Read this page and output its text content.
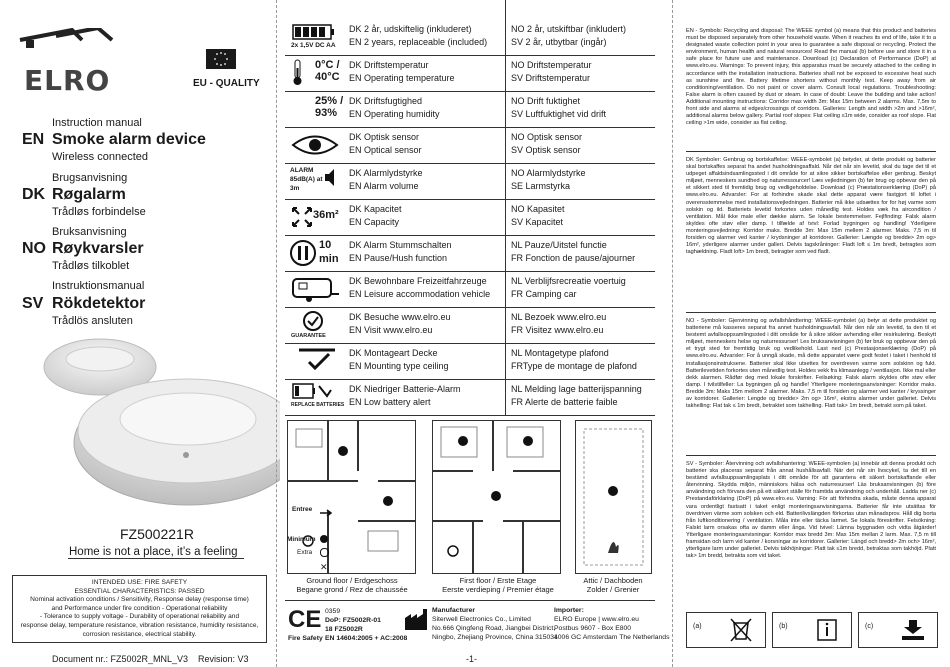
ELRO	EU - QUALITY
Instruction manual
EN Smoke alarm device
Wireless connected
Brugsanvisning
DK Røgalarm
Trådløs forbindelse
Bruksanvisning
NO Røykvarsler
Trådløs tilkoblet
Instruktionsmanual
SV Rökdetektor
Trådlös ansluten
FZ500221R
Home is not a place, it’s a feeling
INTENDED USE: FIRE SAFETY
ESSENTIAL CHARACTERISTICS: PASSED
Nominal activation conditions / Sensitivity, Response delay (response time)
and Performance under fire condition - Operational reliability
- Tolerance to supply voltage - Durability of operational reliability and
response delay, temperature resistance, vibration resistance, humidity resistance,
corrosion resistance, electrical stability.
Document nr.: FZ5002R_MNL_V3 Revision: V3
2x 1,5V DC AA
DK 2 år, udskiftelig (inkluderet)
EN 2 years, replaceable (included)
NO 2 år, utskiftbar (inkludert)
SV 2 år, utbytbar (ingår)
0°C / 40°C
DK Driftstemperatur
EN Operating temperature
NO Driftstemperatur
SV Driftstemperatur
25% / 93%
DK Driftsfugtighed
EN Operating humidity
NO Drift fuktighet
SV Luftfuktighet vid drift
DK Optisk sensor
EN Optical sensor
NO Optisk sensor
SV Optisk sensor
ALARM 85dB(A) at 3m
DK Alarmlydstyrke
EN Alarm volume
NO Alarmlydstyrke
SE Larmstyrka
36m² DK Kapacitet
EN Capacity
NO Kapasitet
SV Kapacitet
10 min
DK Alarm Stummschalten
EN Pause/Hush function
NL Pauze/Uitstel functie
FR Fonction de pause/ajourner
DK Bewohnbare Freizeitfahrzeuge
EN Leisure accommodation vehicle
NL Verblijfsrecreatie voertuig
FR Camping car
GUARANTEE
DK Besuche www.elro.eu
EN Visit www.elro.eu
NL Bezoek www.elro.eu
FR Visitez www.elro.eu
DK Montageart Decke
EN Mounting type ceiling
NL Montagetype plafond
FRType de montage de plafond
REPLACE BATTERIES
DK Niedriger Batterie-Alarm
EN Low battery alert
NL Melding lage batterijspanning
FR Alerte de batterie faible
Entree
Minimum
Extra
✕
Ground floor / Erdgeschoss
Begane grond / Rez de chaussée
First floor / Erste Etage
Eerste verdieping / Premier étage
Attic / Dachboden
Zolder / Grenier
CE 0359
DoP: FZ5002R-01
18 FZ5002R
Fire Safety EN 14604:2005 + AC:2008
Manufacturer
Siterwell Electronics Co., Limited
No.666 Qingfeng Road, Jiangbei District,
Ningbo, Zhejiang Province, China 315034
Importer:
ELRO Europe | www.elro.eu
Postbus 9607 - Box E800
1006 GC Amsterdam The Netherlands
-1-
EN - Symbols: Recycling and disposal: The WEEE symbol (a) means that this product and batteries must be disposed separately from other household waste. When it reaches its end of life, take it to a designated waste collection point in your area to guarantee a safe disposal or recycling. Protect the environment, human health and natural resources! Read the manual (b) before use and store it in a safe place for future use and maintenance. Download (c) Declaration of Performance (DoP) at www.elro.eu. Warnings: To prevent injury, this apparatus must be securely attached to the ceiling in accordance with the installation instructions. Batteries shall not be exposed to excessive heat such as sunshine and fire. Battery lifetime shortens without monthly test. Keep away from air conditioning/ventilation. Do not paint or cover alarm. Consult local regulations. Troubleshooting: False alarm is often caused by dust or steam. In case of doubt: Leave the building and take action! Additional mounting instructions: Corridor max width 3m: Max 15m between 2 alarms. Max. 7,5m to front side and alarms at edges/crossings of corridors. Galleries: Length and width >2m and >16m², additional alarms below gallery. Partial roof slopes: Flat ceiling ≤1m wide, consider as roof slope. Flat ceiling >1m wide, consider as flat ceiling.
DK Symboler: Genbrug og bortskaffelse: WEEE-symbolet (a) betyder, at dette produkt og batterier skal bortskaffes separat fra andet husholdningsaffald. Når det når sin levetid, skal du tage det til et udpeget affaldsindsamlingssted i dit område for at sikre sikker bortskaffelse eller genbrug. Beskyt miljøet, menneskers sundhed og naturressourcer! Læs vejledningen (b) før brug og opbevar den på et sikkert sted til fremtidig brug og vedligeholdelse. Download (c) Præstationserklæring (DoP) på www.elro.eu. Advarsler: For at forhindre skade skal dette apparat være fastgjort til loftet i overensstemmelse med installationsvejledningen. Batterier må ikke udsættes for for høj varme som solskin og ild. Batteriets levetid forkortes uden månedlig test. Holdes væk fra aircondition / ventilation. Mål ikke male eller dække alarm. Se lokale bestemmelser. Fejlfinding: Falsk alarm skyldes ofte støv eller damp. I tilfælde af tvivl: Forlad bygningen og handling! Yderligere monteringsvejledning: Korridor maks. Bredde 3m: Max 15m mellem 2 alarmer. Maks. 7,5 m til forsiden og alarmer ved kanter / krydsninger af korridorer. Gallerier: Længde og bredde> 2m og> 16m², yderligere alarmer under galleri. Delvis tagskråninger: Fladt loft ≤ 1m bredt, betragtes som taghældning. Fladt loft> 1m bredt, betragter som ved fladt.
NO - Symboler: Gjenvinning og avfallshåndtering: WEEE-symbolet (a) betyr at dette produktet og batteriene må kasseres separat fra annet husholdningsavfall. Når den når sin levetid, ta den til et bestemt avfallsoppsamlingssted i ditt område for å sikre sikker avhending eller resirkulering. Beskytt miljøet, menneskers helse og naturressurser! Les bruksanvisningen (b) før bruk og oppbevar den på et trygt sted for fremtidig bruk og vedlikehold. Last ned (c) Prestasjonserklæring (DoP) på www.elro.eu. Advarsler: For å unngå skade, må dette apparatet være godt festet i taket i henhold til installasjonsinstruksene. Batterier skal ikke utsettes for overdreven varme som solskinn og fukt. Batterilevetiden forkortes uten månedlig test. Holdes vekk fra klimaanlegg / ventilasjon. Ikke mal eller dekk alarmen. Rådfør deg med lokale forskrifter. Feilsøking: Falsk alarm skyldes ofte støv eller damp. I tvilstilfeller: La bygningen gå og handle! Ytterligere monteringsanvisninger: Korridor maks. Bredde 3m: Maks 15m mellom 2 alarmer. Maks. 7,5 m til forsiden og alarmer ved kanter / kryssinger av korridorer. Gallerier: Lengde og bredde> 2m og> 16m², ekstra alarmer under galleriet. Delvis takhelling: Flat tak ≤ 1m bredt, betraktet som takhelling. Flatt tak> 1m bredt, betrakt som på taket.
SV - Symboler: Återvinning och avfallshantering: WEEE-symbolen (a) innebär att denna produkt och batterier ska placeras separat från annat hushållsavfall. När det når sin livscykel, ta det till en bestämd avfallsuppsamlingsplats i ditt område för att garantera ett säkert bortskaffande eller återvinning. Skydda miljön, människors hälsa och naturresurser! Läs bruksanvisningen (b) före användning och förvara den på ett säkert ställe för framtida användning och underhåll. Ladda ner (c) Prestandaförklaring (DoP) på www.elro.eu. Varning: För att förhindra skada, måste denna apparat vara ordentligt fastsatt i taket enligt monteringsanvisningarna. Batterier får inte utsättas för överdriven värme som solsken och eld. Batterilivslängden förkortas utan månadsprov. Håll dig borta från luftkonditionering / ventilation. Måla inte eller täcka larmet. Se lokala föreskrifter. Felsökning: Falskt larm orsakas ofta av damm eller ånga. Vid tvivel: Lämna byggnaden och vidta åtgärder! Ytterligare monteringsanvisningar: Korridor max bredd 3m: Max 15m mellan 2 larm. Max. 7,5 m till framsidan och larm vid kanter / korsningar av korridorer. Gallerier: Längd och bredd> 2m och> 16m², ytterligare larm under galleriet. Delvis takhöjningar: Platt tak ≤1m bredd, betraktas som takhöjd. Platt tak> 1m bredd, betrakta som vid taket.
(a)	(b)	(c)
